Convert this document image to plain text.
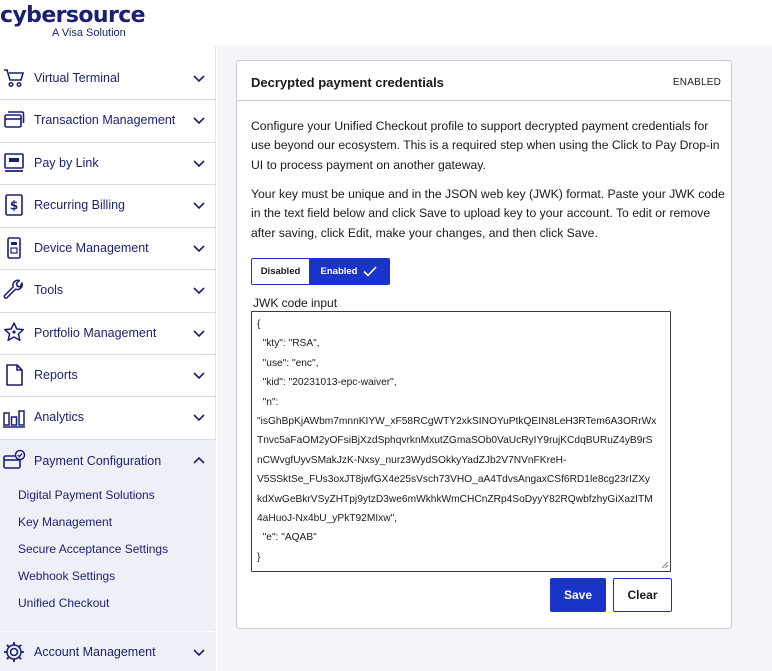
cybersource
A Visa Solution
Virtual Terminal
Transaction Management
Pay by Link
$ Recurring Billing
Device Management
Tools
Portfolio Management
Reports
Analytics
Payment Configuration
Digital Payment Solutions
Key Management
Secure Acceptance Settings
Webhook Settings
Unified Checkout
Account Management
Decrypted payment credentials	ENABLED

Configure your Unified Checkout profile to support decrypted payment credentials for use beyond our ecosystem. This is a required step when using the Click to Pay Drop-in UI to process payment on another gateway.

Your key must be unique and in the JSON web key (JWK) format. Paste your JWK code in the text field below and click Save to upload key to your account. To edit or remove after saving, click Edit, make your changes, and then click Save.

Disabled	Enabled
JWK code input
{ "kty": "RSA", "use": "enc", "kid": "20231013-epc-waiver", "n": "isGhBpKjAWbm7mnnKIYW_xF58RCgWTY2xkSINOYuPtkQEIN8LeH3RTem6A3ORrWx Tnvc5aFaOM2yOFsiBjXzdSphqvrknMxutZGmaSOb0VaUcRyIY9rujKCdqBURuZ4yB9rS nCWvgfUyvSMakJzK-Nxsy_nurz3WydSOkkyYadZJb2V7NVnFKreH- V5SSktSe_FUs3oxJT8jwfGX4e25sVsch73VHO_aA4TdvsAngaxCSf6RD1le8cg23rIZXy kdXwGeBkrVSyZHTpj9ytzD3we6mWkhkWmCHCnZRp4SoDyyY82RQwbfzhyGiXazITM 4aHuoJ-Nx4bU_yPkT92MIxw", "e": "AQAB" }
Save	Clear
